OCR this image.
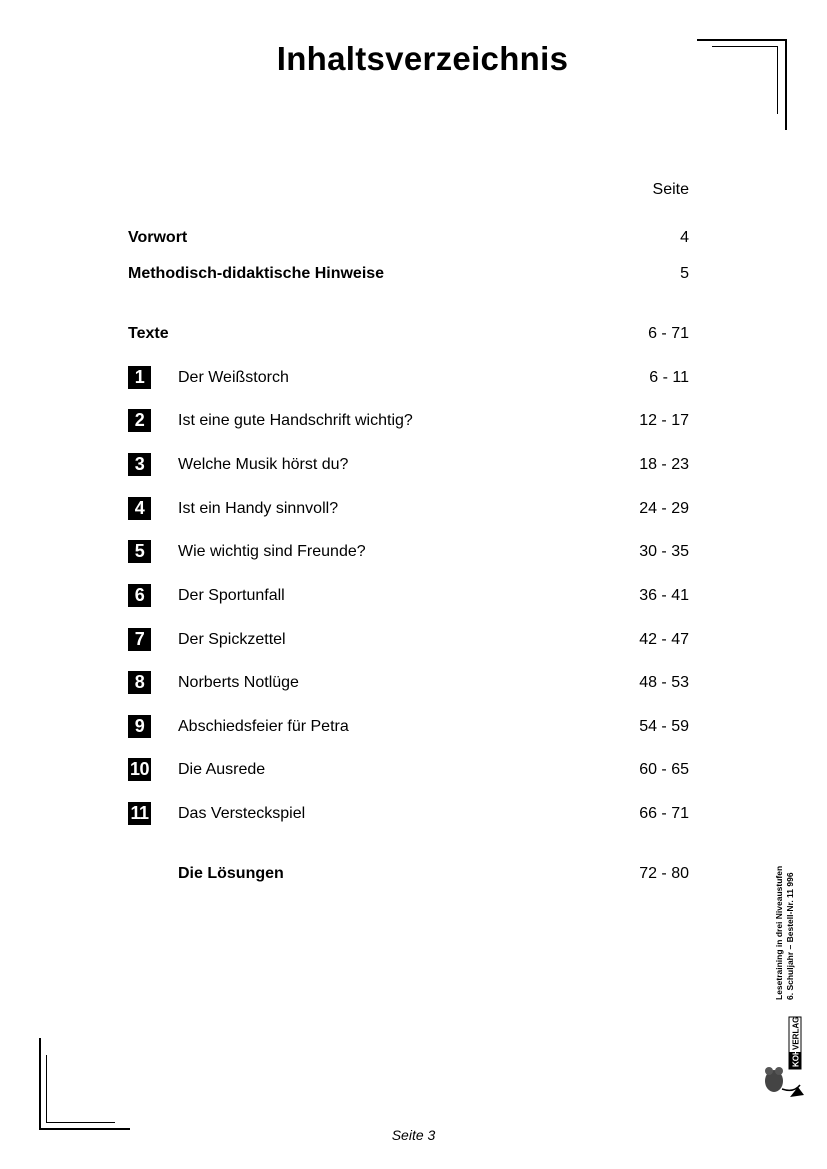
Inhaltsverzeichnis
Seite
Vorwort	4
Methodisch-didaktische Hinweise	5
Texte	6 - 71
1	Der Weißstorch	6 - 11
2	Ist eine gute Handschrift wichtig?	12 - 17
3	Welche Musik hörst du?	18 - 23
4	Ist ein Handy sinnvoll?	24 - 29
5	Wie wichtig sind Freunde?	30 - 35
6	Der Sportunfall	36 - 41
7	Der Spickzettel	42 - 47
8	Norberts Notlüge	48 - 53
9	Abschiedsfeier für Petra	54 - 59
10 Die Ausrede	60 - 65
11 Das Versteckspiel	66 - 71
Die Lösungen	72 - 80	Lesetraining in drei Niveaustufen 6. Schuljahr – Bestell-Nr. 11 996
KOHL
VERLAG
Seite 3
